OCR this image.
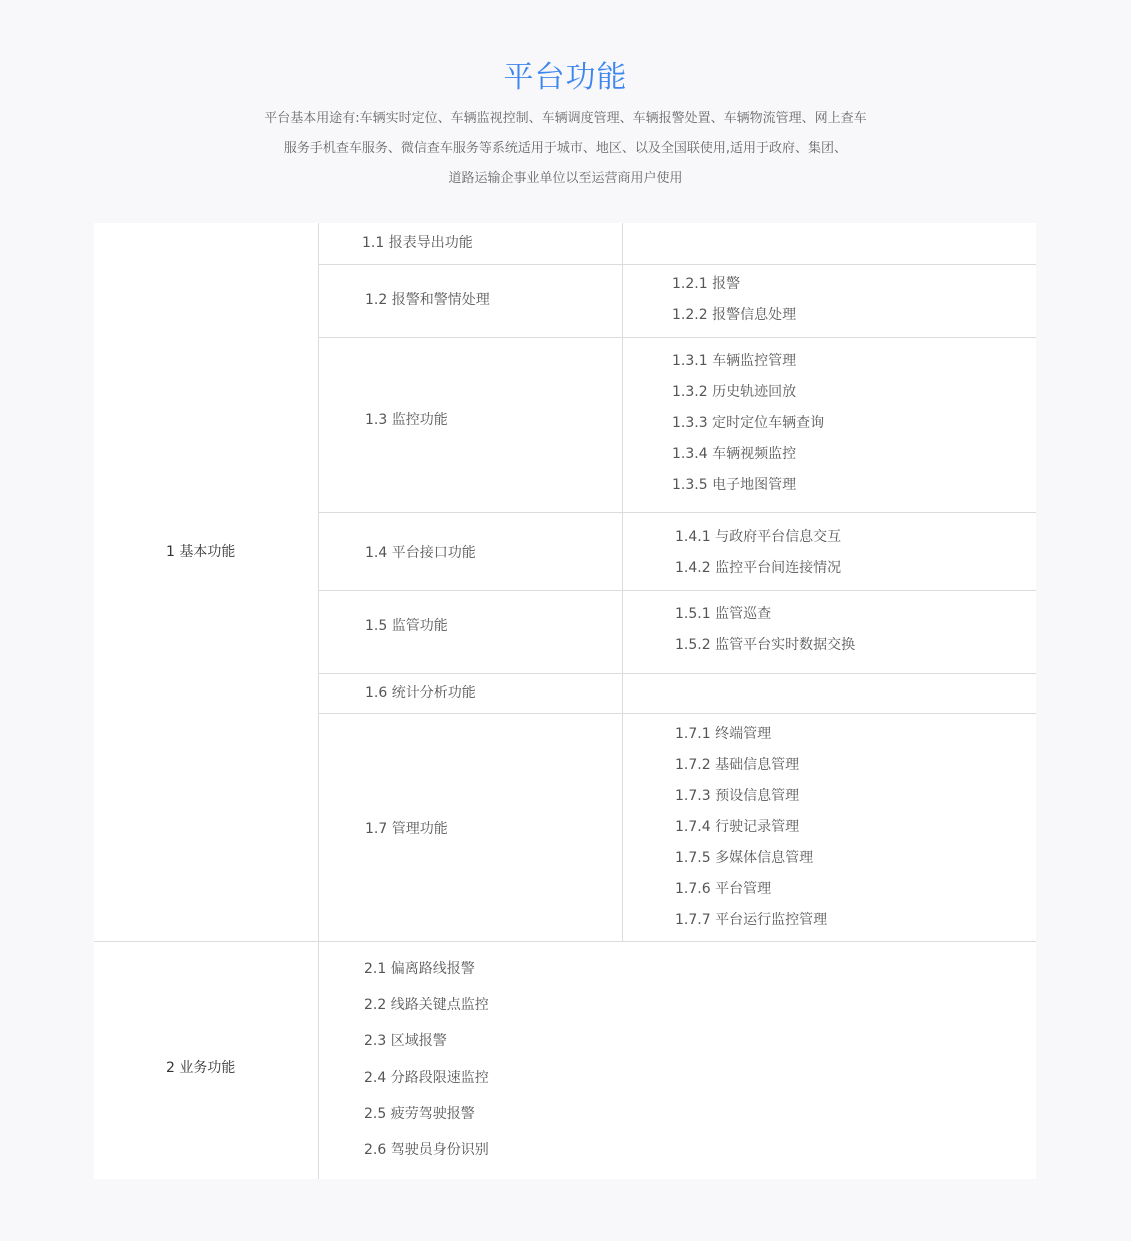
平台功能
平台基本用途有:车辆实时定位、车辆监视控制、车辆调度管理、车辆报警处置、车辆物流管理、网上查车
服务手机查车服务、微信查车服务等系统适用于城市、地区、以及全国联使用,适用于政府、集团、
道路运输企事业单位以至运营商用户使用
1 基本功能
2 业务功能
1.1 报表导出功能
1.2 报警和警情处理
1.3 监控功能
1.4 平台接口功能
1.5 监管功能
1.6 统计分析功能
1.7 管理功能
1.2.1 报警
1.2.2 报警信息处理
1.3.1 车辆监控管理
1.3.2 历史轨迹回放
1.3.3 定时定位车辆查询
1.3.4 车辆视频监控
1.3.5 电子地图管理
1.4.1 与政府平台信息交互
1.4.2 监控平台间连接情况
1.5.1 监管巡查
1.5.2 监管平台实时数据交换
1.7.1 终端管理
1.7.2 基础信息管理
1.7.3 预设信息管理
1.7.4 行驶记录管理
1.7.5 多媒体信息管理
1.7.6 平台管理
1.7.7 平台运行监控管理
2.1 偏离路线报警
2.2 线路关键点监控
2.3 区域报警
2.4 分路段限速监控
2.5 疲劳驾驶报警
2.6 驾驶员身份识别
